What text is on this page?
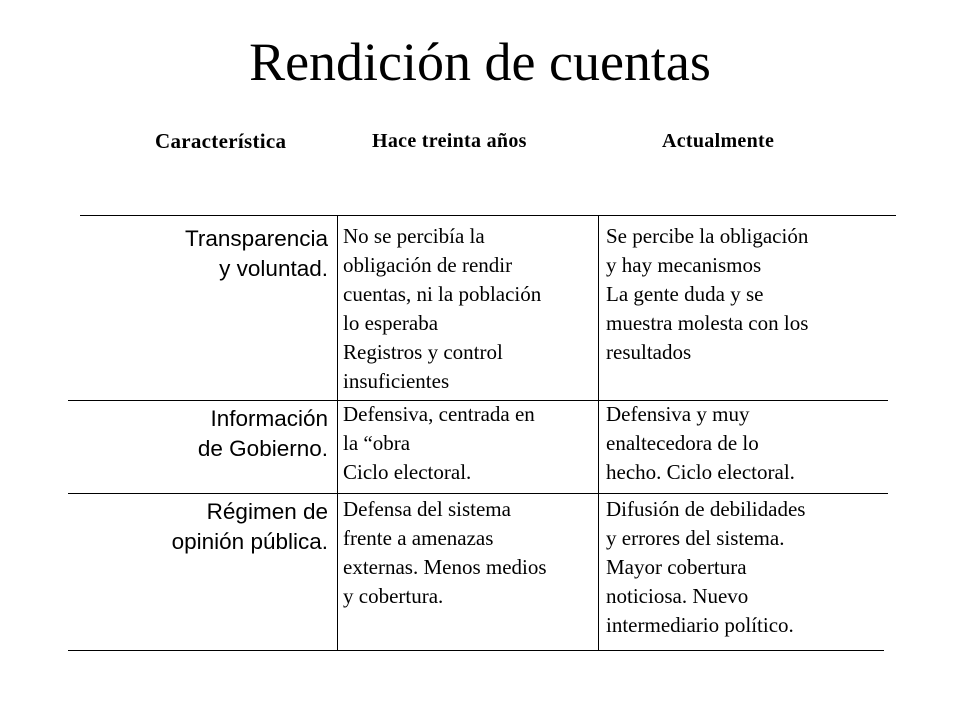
Rendición de cuentas
Característica	Hace treinta años	Actualmente
Transparencia
y voluntad.
No se percibía la
obligación de rendir
cuentas, ni la población
lo esperaba
Registros y control
insuficientes
Se percibe la obligación
y hay mecanismos
La gente duda y se
muestra molesta con los
resultados
Información
de Gobierno.
Defensiva, centrada en
la “obra
Ciclo electoral.
Defensiva y muy
enaltecedora de lo
hecho. Ciclo electoral.
Régimen de
opinión pública.
Defensa del sistema
frente a amenazas
externas. Menos medios
y cobertura.
Difusión de debilidades
y errores del sistema.
Mayor cobertura
noticiosa. Nuevo
intermediario político.
